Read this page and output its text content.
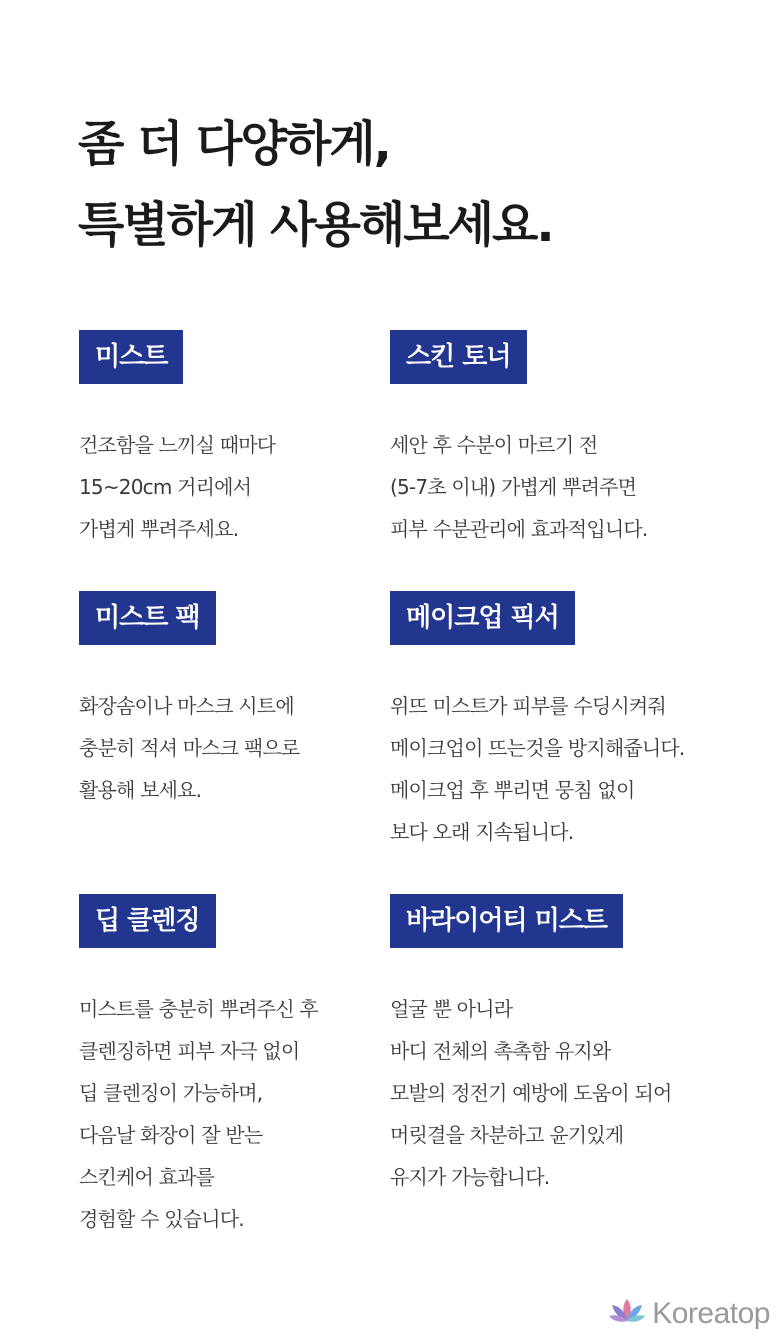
좀 더 다양하게,
특별하게 사용해보세요.
미스트
건조함을 느끼실 때마다
15~20cm 거리에서
가볍게 뿌려주세요.
스킨 토너
세안 후 수분이 마르기 전
(5-7초 이내) 가볍게 뿌려주면
피부 수분관리에 효과적입니다.
미스트 팩
화장솜이나 마스크 시트에
충분히 적셔 마스크 팩으로
활용해 보세요.
메이크업 픽서
위뜨 미스트가 피부를 수딩시켜줘
메이크업이 뜨는것을 방지해줍니다.
메이크업 후 뿌리면 뭉침 없이
보다 오래 지속됩니다.
딥 클렌징
미스트를 충분히 뿌려주신 후
클렌징하면 피부 자극 없이
딥 클렌징이 가능하며,
다음날 화장이 잘 받는
스킨케어 효과를
경험할 수 있습니다.
바라이어티 미스트
얼굴 뿐 아니라
바디 전체의 촉촉함 유지와
모발의 정전기 예방에 도움이 되어
머릿결을 차분하고 윤기있게
유지가 가능합니다.
Koreatop
